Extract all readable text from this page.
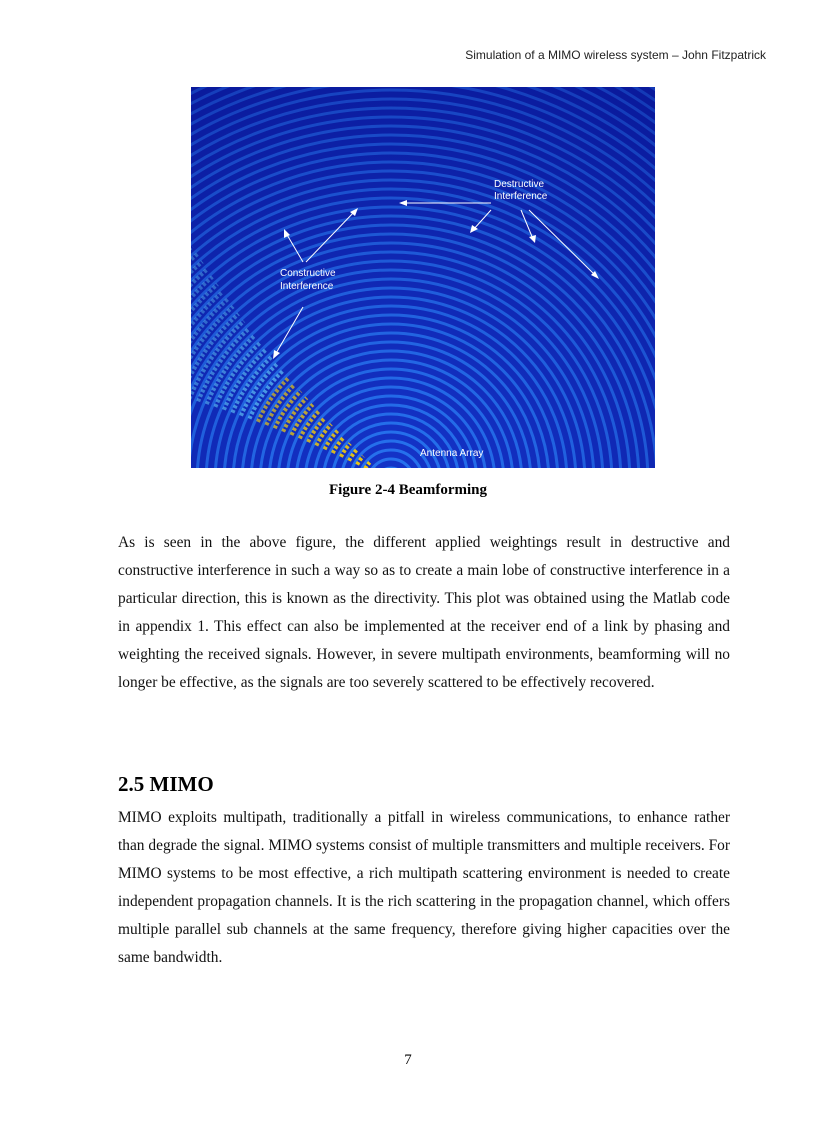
Simulation of a MIMO wireless system – John Fitzpatrick
Destructive
Interference
Constructive
Interference
Antenna Array
Figure 2-4 Beamforming

As is seen in the above figure, the different applied weightings result in destructive and constructive interference in such a way so as to create a main lobe of constructive interference in a particular direction, this is known as the directivity. This plot was obtained using the Matlab code in appendix 1. This effect can also be implemented at the receiver end of a link by phasing and weighting the received signals. However, in severe multipath environments, beamforming will no longer be effective, as the signals are too severely scattered to be effectively recovered.

2.5 MIMO

MIMO exploits multipath, traditionally a pitfall in wireless communications, to enhance rather than degrade the signal. MIMO systems consist of multiple transmitters and multiple receivers. For MIMO systems to be most effective, a rich multipath scattering environment is needed to create independent propagation channels. It is the rich scattering in the propagation channel, which offers multiple parallel sub channels at the same frequency, therefore giving higher capacities over the same bandwidth.

7
